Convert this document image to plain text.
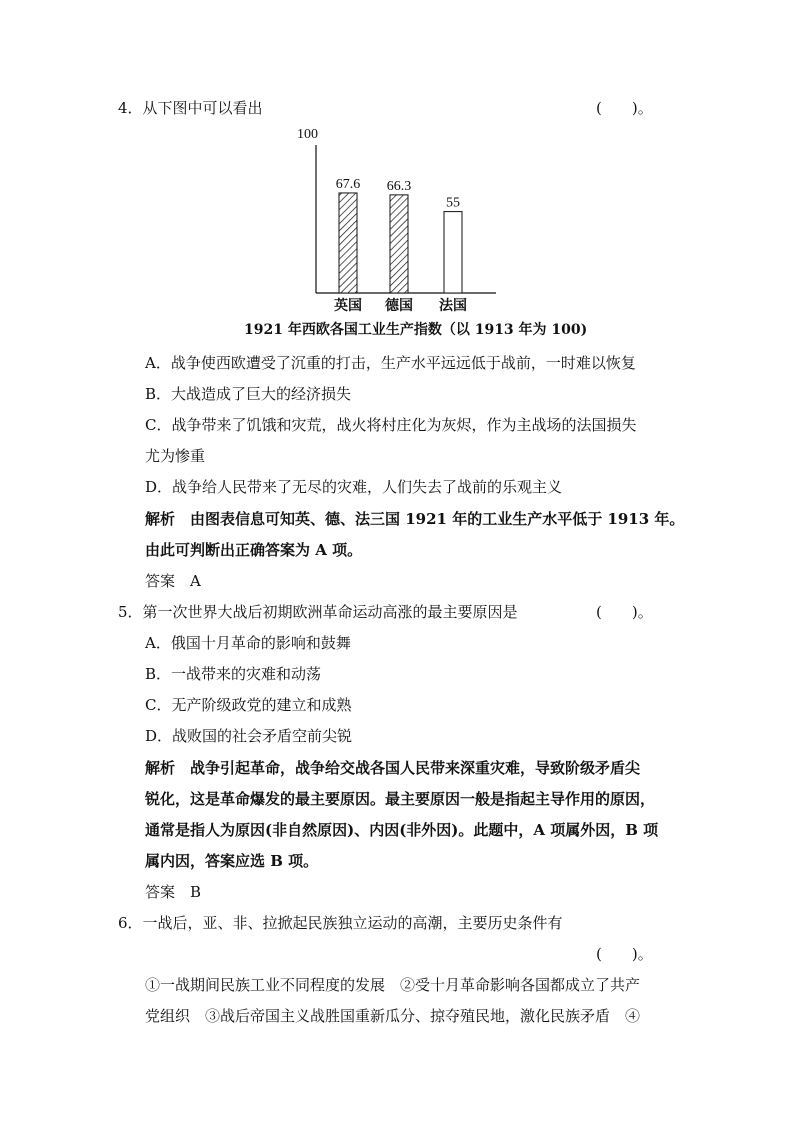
4．从下图中可以看出	(　　)。
100
67.6
英国
66.3
德国
55
法国
1921 年西欧各国工业生产指数（以 1913 年为 100)
A．战争使西欧遭受了沉重的打击，生产水平远远低于战前，一时难以恢复
B．大战造成了巨大的经济损失
C．战争带来了饥饿和灾荒，战火将村庄化为灰烬，作为主战场的法国损失
尤为惨重
D．战争给人民带来了无尽的灾难，人们失去了战前的乐观主义
解析　由图表信息可知英、德、法三国 1921 年的工业生产水平低于 1913 年。
由此可判断出正确答案为 A 项。
答案　A
5．第一次世界大战后初期欧洲革命运动高涨的最主要原因是	(　　)。
A．俄国十月革命的影响和鼓舞
B．一战带来的灾难和动荡
C．无产阶级政党的建立和成熟
D．战败国的社会矛盾空前尖锐
解析　战争引起革命，战争给交战各国人民带来深重灾难，导致阶级矛盾尖
锐化，这是革命爆发的最主要原因。最主要原因一般是指起主导作用的原因，
通常是指人为原因(非自然原因)、内因(非外因)。此题中，A 项属外因，B 项
属内因，答案应选 B 项。
答案　B
6．一战后，亚、非、拉掀起民族独立运动的高潮，主要历史条件有
(　　)。
①一战期间民族工业不同程度的发展　②受十月革命影响各国都成立了共产
党组织　③战后帝国主义战胜国重新瓜分、掠夺殖民地，激化民族矛盾　④
